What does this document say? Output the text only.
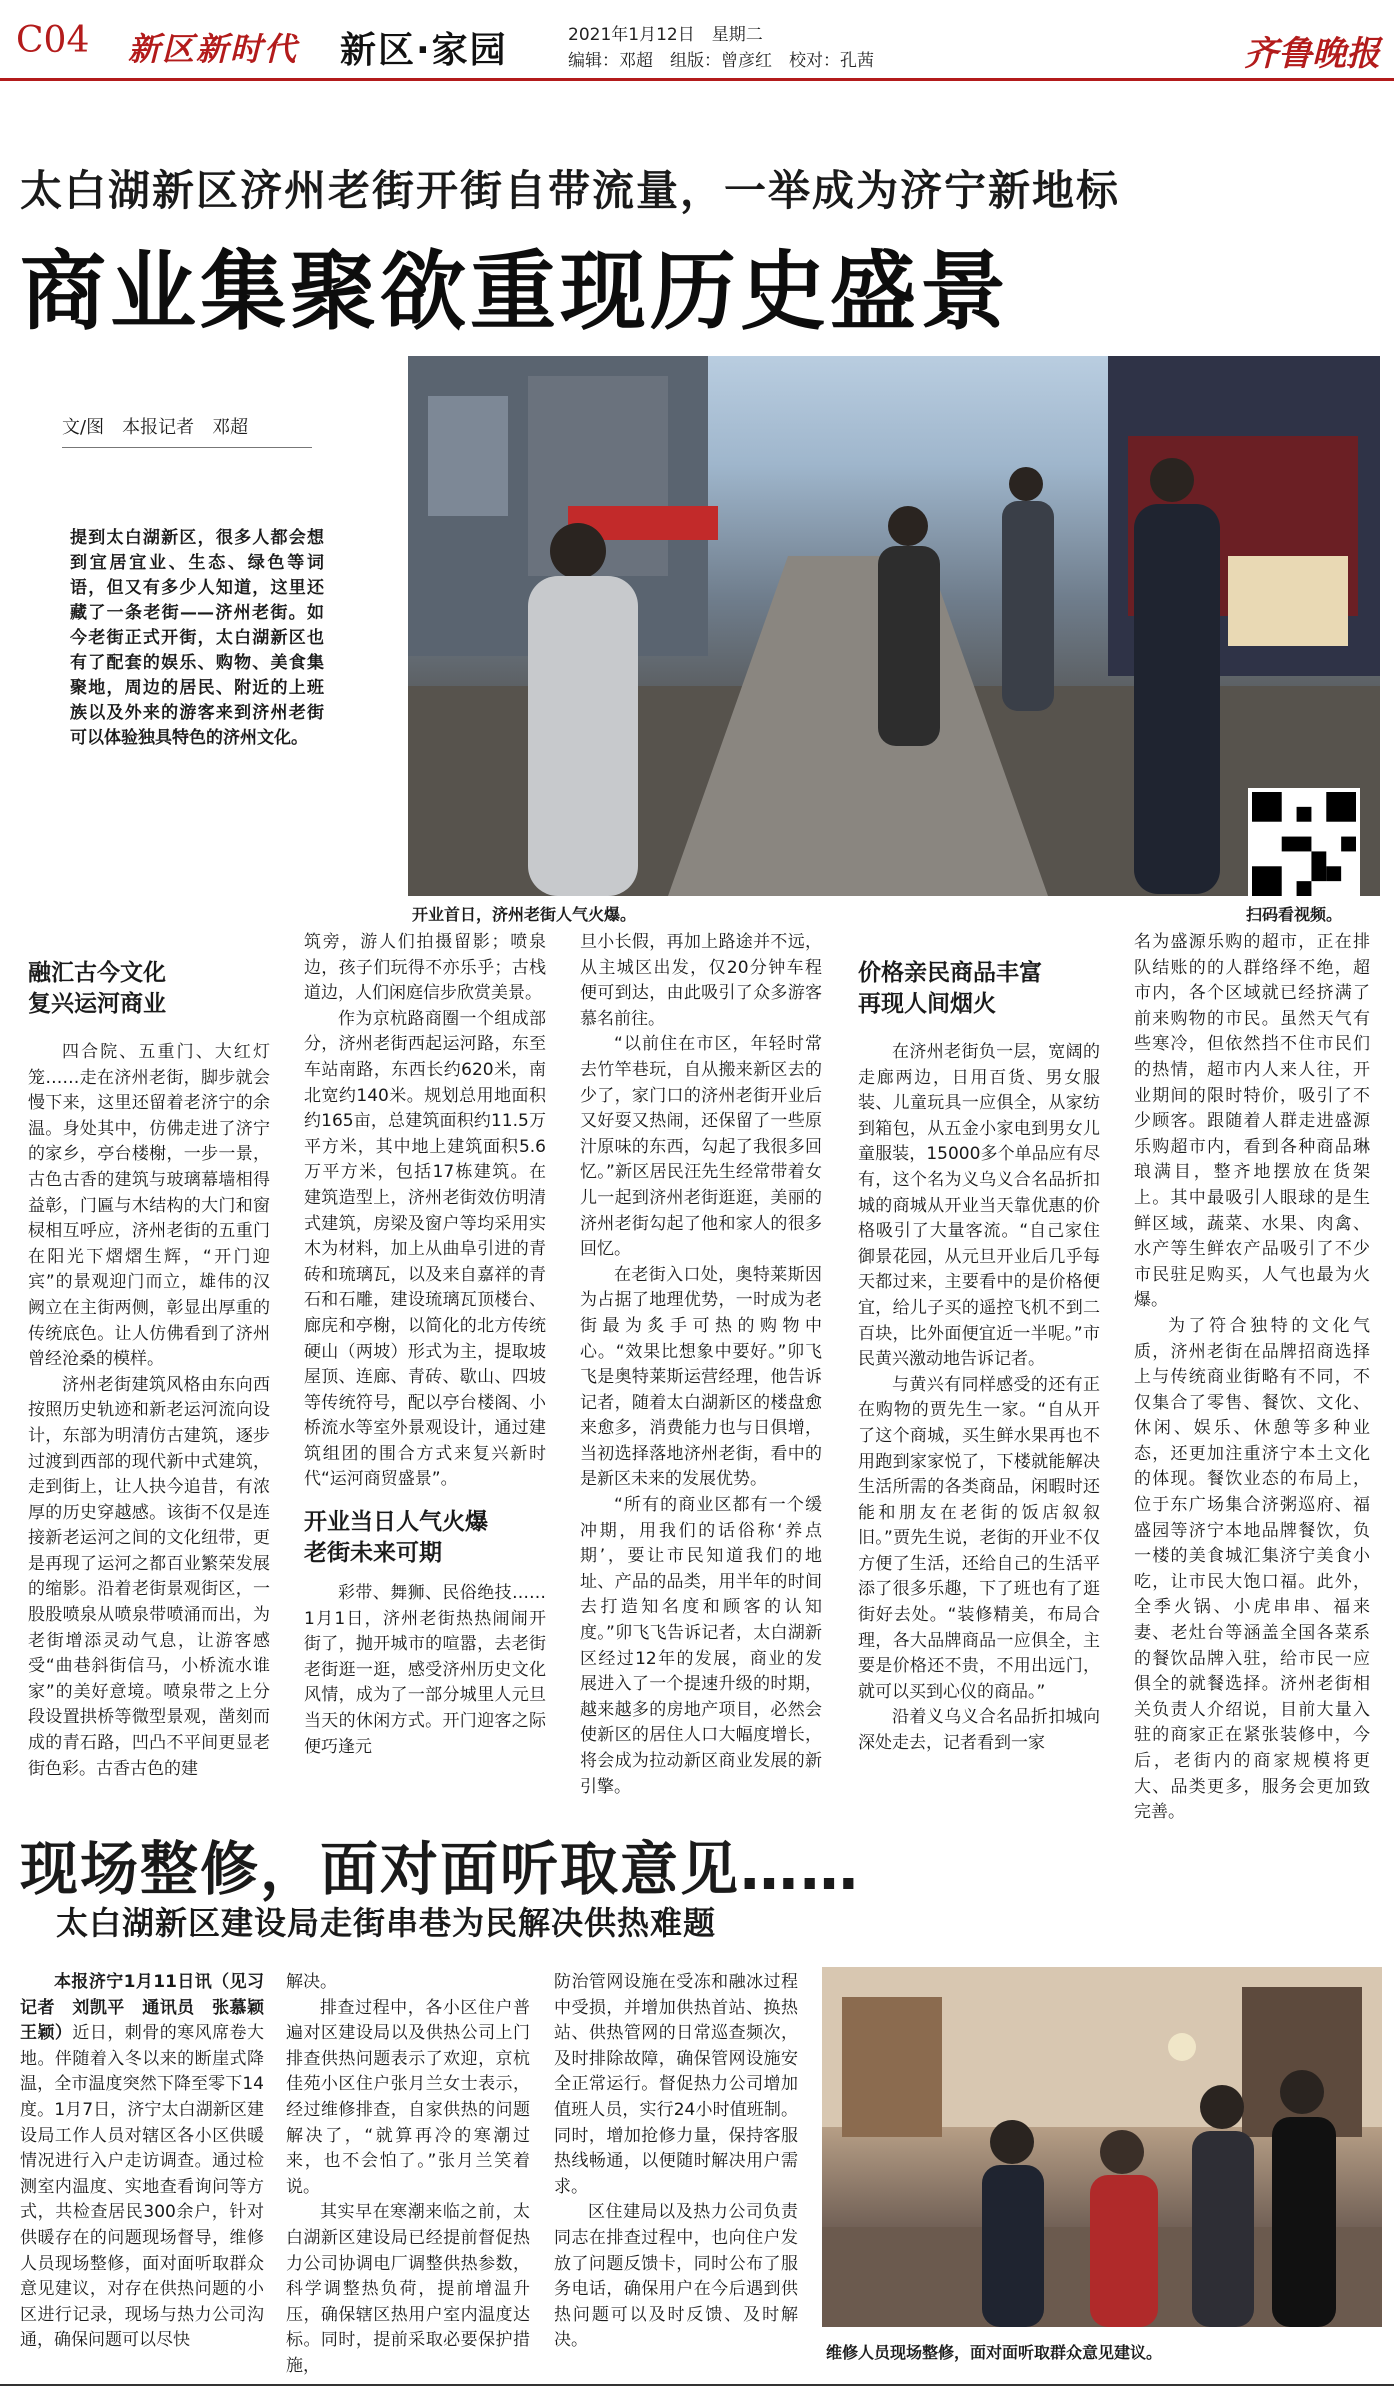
C04 新区新时代 新区·家园	2021年1月12日　星期二
编辑：邓超　组版：曾彦红　校对：孔茜	齐鲁晚报
太白湖新区济州老街开街自带流量，一举成为济宁新地标
商业集聚欲重现历史盛景
文/图　本报记者　邓超
提到太白湖新区，很多人都会想到宜居宜业、生态、绿色等词语，但又有多少人知道，这里还藏了一条老街——济州老街。如今老街正式开街，太白湖新区也有了配套的娱乐、购物、美食集聚地，周边的居民、附近的上班族以及外来的游客来到济州老街可以体验独具特色的济州文化。
开业首日，济州老街人气火爆。	扫码看视频。
融汇古今文化
复兴运河商业

四合院、五重门、大红灯笼……走在济州老街，脚步就会慢下来，这里还留着老济宁的余温。身处其中，仿佛走进了济宁的家乡，亭台楼榭，一步一景，古色古香的建筑与玻璃幕墙相得益彰，门匾与木结构的大门和窗棂相互呼应，济州老街的五重门在阳光下熠熠生辉，“开门迎宾”的景观迎门而立，雄伟的汉阙立在主街两侧，彰显出厚重的传统底色。让人仿佛看到了济州曾经沧桑的模样。

济州老街建筑风格由东向西按照历史轨迹和新老运河流向设计，东部为明清仿古建筑，逐步过渡到西部的现代新中式建筑，走到街上，让人抉今追昔，有浓厚的历史穿越感。该街不仅是连接新老运河之间的文化纽带，更是再现了运河之都百业繁荣发展的缩影。沿着老街景观街区，一股股喷泉从喷泉带喷涌而出，为老街增添灵动气息，让游客感受“曲巷斜街信马，小桥流水谁家”的美好意境。喷泉带之上分段设置拱桥等微型景观，凿刻而成的青石路，凹凸不平间更显老街色彩。古香古色的建

筑旁，游人们拍摄留影；喷泉边，孩子们玩得不亦乐乎；古栈道边，人们闲庭信步欣赏美景。

作为京杭路商圈一个组成部分，济州老街西起运河路，东至车站南路，东西长约620米，南北宽约140米。规划总用地面积约165亩，总建筑面积约11.5万平方米，其中地上建筑面积5.6万平方米，包括17栋建筑。在建筑造型上，济州老街效仿明清式建筑，房梁及窗户等均采用实木为材料，加上从曲阜引进的青砖和琉璃瓦，以及来自嘉祥的青石和石雕，建设琉璃瓦顶楼台、廊庑和亭榭，以简化的北方传统硬山（两坡）形式为主，提取坡屋顶、连廊、青砖、歇山、四坡等传统符号，配以亭台楼阁、小桥流水等室外景观设计，通过建筑组团的围合方式来复兴新时代“运河商贸盛景”。

开业当日人气火爆
老街未来可期

彩带、舞狮、民俗绝技……1月1日，济州老街热热闹闹开街了，抛开城市的喧嚣，去老街老街逛一逛，感受济州历史文化风情，成为了一部分城里人元旦当天的休闲方式。开门迎客之际便巧逢元

旦小长假，再加上路途并不远，从主城区出发，仅20分钟车程便可到达，由此吸引了众多游客慕名前往。

“以前住在市区，年轻时常去竹竿巷玩，自从搬来新区去的少了，家门口的济州老街开业后又好耍又热闹，还保留了一些原汁原味的东西，勾起了我很多回忆。”新区居民汪先生经常带着女儿一起到济州老街逛逛，美丽的济州老街勾起了他和家人的很多回忆。

在老街入口处，奥特莱斯因为占据了地理优势，一时成为老街最为炙手可热的购物中心。“效果比想象中要好。”卯飞飞是奥特莱斯运营经理，他告诉记者，随着太白湖新区的楼盘愈来愈多，消费能力也与日俱增，当初选择落地济州老街，看中的是新区未来的发展优势。

“所有的商业区都有一个缓冲期，用我们的话俗称‘养点期’，要让市民知道我们的地址、产品的品类，用半年的时间去打造知名度和顾客的认知度。”卯飞飞告诉记者，太白湖新区经过12年的发展，商业的发展进入了一个提速升级的时期，越来越多的房地产项目，必然会使新区的居住人口大幅度增长，将会成为拉动新区商业发展的新引擎。

价格亲民商品丰富
再现人间烟火

在济州老街负一层，宽阔的走廊两边，日用百货、男女服装、儿童玩具一应俱全，从家纺到箱包，从五金小家电到男女儿童服装，15000多个单品应有尽有，这个名为义乌义合名品折扣城的商城从开业当天靠优惠的价格吸引了大量客流。“自己家住御景花园，从元旦开业后几乎每天都过来，主要看中的是价格便宜，给儿子买的遥控飞机不到二百块，比外面便宜近一半呢。”市民黄兴激动地告诉记者。

与黄兴有同样感受的还有正在购物的贾先生一家。“自从开了这个商城，买生鲜水果再也不用跑到家家悦了，下楼就能解决生活所需的各类商品，闲暇时还能和朋友在老街的饭店叙叙旧。”贾先生说，老街的开业不仅方便了生活，还给自己的生活平添了很多乐趣，下了班也有了逛街好去处。“装修精美，布局合理，各大品牌商品一应俱全，主要是价格还不贵，不用出远门，就可以买到心仪的商品。”

沿着义乌义合名品折扣城向深处走去，记者看到一家

名为盛源乐购的超市，正在排队结账的的人群络绎不绝，超市内，各个区域就已经挤满了前来购物的市民。虽然天气有些寒冷，但依然挡不住市民们的热情，超市内人来人往，开业期间的限时特价，吸引了不少顾客。跟随着人群走进盛源乐购超市内，看到各种商品琳琅满目，整齐地摆放在货架上。其中最吸引人眼球的是生鲜区域，蔬菜、水果、肉禽、水产等生鲜农产品吸引了不少市民驻足购买，人气也最为火爆。

为了符合独特的文化气质，济州老街在品牌招商选择上与传统商业街略有不同，不仅集合了零售、餐饮、文化、休闲、娱乐、休憩等多种业态，还更加注重济宁本土文化的体现。餐饮业态的布局上，位于东广场集合济粥巡府、福盛园等济宁本地品牌餐饮，负一楼的美食城汇集济宁美食小吃，让市民大饱口福。此外，全季火锅、小虎串串、福来妻、老灶台等涵盖全国各菜系的餐饮品牌入驻，给市民一应俱全的就餐选择。济州老街相关负责人介绍说，目前大量入驻的商家正在紧张装修中，今后，老街内的商家规模将更大、品类更多，服务会更加致完善。

现场整修，面对面听取意见……
太白湖新区建设局走街串巷为民解决供热难题

本报济宁1月11日讯（见习记者　刘凯平　通讯员　张慕颖　王颖）近日，刺骨的寒风席卷大地。伴随着入冬以来的断崖式降温，全市温度突然下降至零下14度。1月7日，济宁太白湖新区建设局工作人员对辖区各小区供暖情况进行入户走访调查。通过检测室内温度、实地查看询问等方式，共检查居民300余户，针对供暖存在的问题现场督导，维修人员现场整修，面对面听取群众意见建议，对存在供热问题的小区进行记录，现场与热力公司沟通，确保问题可以尽快

解决。

排查过程中，各小区住户普遍对区建设局以及供热公司上门排查供热问题表示了欢迎，京杭佳苑小区住户张月兰女士表示，经过维修排查，自家供热的问题解决了，“就算再冷的寒潮过来，也不会怕了。”张月兰笑着说。

其实早在寒潮来临之前，太白湖新区建设局已经提前督促热力公司协调电厂调整供热参数，科学调整热负荷，提前增温升压，确保辖区热用户室内温度达标。同时，提前采取必要保护措施，

防治管网设施在受冻和融冰过程中受损，并增加供热首站、换热站、供热管网的日常巡查频次，及时排除故障，确保管网设施安全正常运行。督促热力公司增加值班人员，实行24小时值班制。同时，增加抢修力量，保持客服热线畅通，以便随时解决用户需求。

区住建局以及热力公司负责同志在排查过程中，也向住户发放了问题反馈卡，同时公布了服务电话，确保用户在今后遇到供热问题可以及时反馈、及时解决。

维修人员现场整修，面对面听取群众意见建议。
